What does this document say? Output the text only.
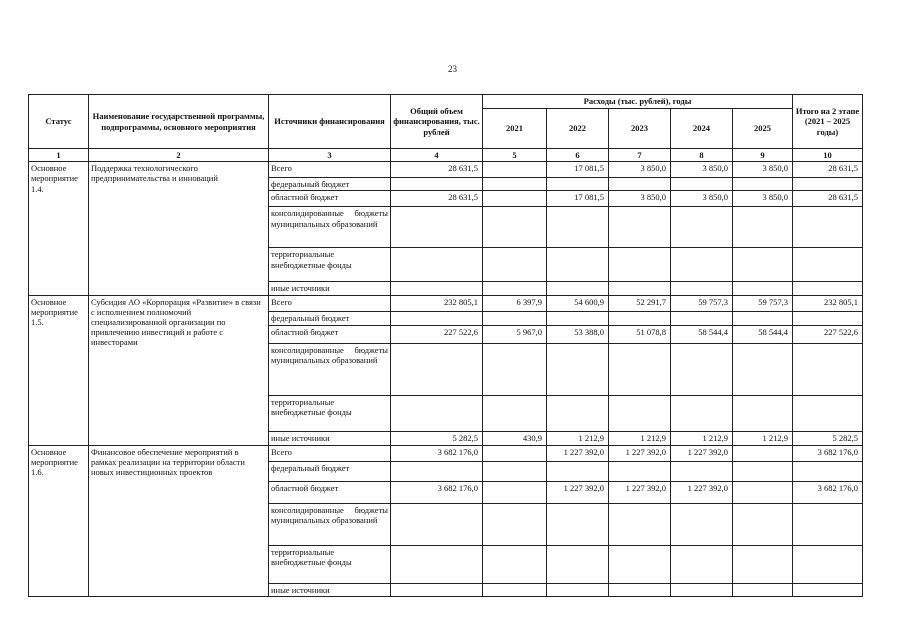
23
Статус	Наименование государственной программы, подпрограммы, основного мероприятия	Источники финансирования	Общий объем финансирования, тыс. рублей	Расходы (тыс. рублей), годы					Итого на 2 этапе (2021 – 2025 годы)
				2021	2022	2023	2024	2025	
1	2	3	4	5	6	7	8	9	10
Основное мероприятие 1.4.	Поддержка технологического предпринимательства и инноваций	Всего	28 631,5		17 081,5	3 850,0	3 850,0	3 850,0	28 631,5
		федеральный бюджет							
		областной бюджет	28 631,5		17 081,5	3 850,0	3 850,0	3 850,0	28 631,5
		консолидированные бюджеты муниципальных образований							
		территориальные внебюджетные фонды							
		иные источники							
Основное мероприятие 1.5.	Субсидия АО «Корпорация «Развитие» в связи с исполнением полномочий специализированной организации по привлечению инвестиций и работе с инвесторами	Всего	232 805,1	6 397,9	54 600,9	52 291,7	59 757,3	59 757,3	232 805,1
		федеральный бюджет							
		областной бюджет	227 522,6	5 967,0	53 388,0	51 078,8	58 544,4	58 544,4	227 522,6
		консолидированные бюджеты муниципальных образований							
		территориальные внебюджетные фонды							
		иные источники	5 282,5	430,9	1 212,9	1 212,9	1 212,9	1 212,9	5 282,5
Основное мероприятие 1.6.	Финансовое обеспечение мероприятий в рамках реализации на территории области новых инвестиционных проектов	Всего	3 682 176,0		1 227 392,0	1 227 392,0	1 227 392,0		3 682 176,0
		федеральный бюджет							
		областной бюджет	3 682 176,0		1 227 392,0	1 227 392,0	1 227 392,0		3 682 176,0
		консолидированные бюджеты муниципальных образований							
		территориальные внебюджетные фонды							
		иные источники							
